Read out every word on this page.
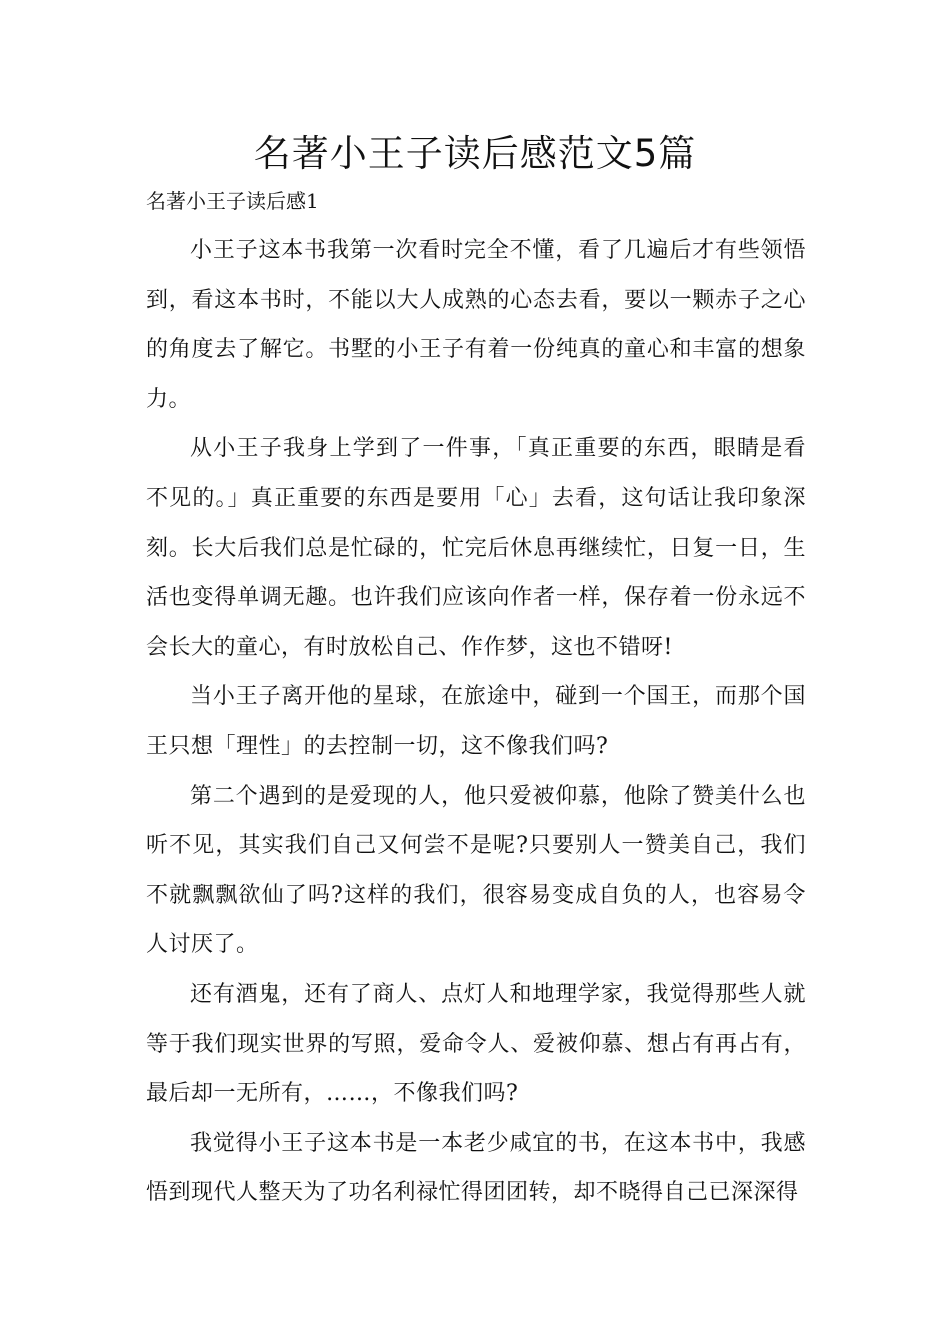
名著小王子读后感范文5篇

名著小王子读后感1

小王子这本书我第一次看时完全不懂，看了几遍后才有些领悟到，看这本书时，不能以大人成熟的心态去看，要以一颗赤子之心的角度去了解它。书墅的小王子有着一份纯真的童心和丰富的想象力。

从小王子我身上学到了一件事，「真正重要的东西，眼睛是看不见的。」真正重要的东西是要用「心」去看，这句话让我印象深刻。长大后我们总是忙碌的，忙完后休息再继续忙，日复一日，生活也变得单调无趣。也许我们应该向作者一样，保存着一份永远不会长大的童心，有时放松自己、作作梦，这也不错呀!

当小王子离开他的星球，在旅途中，碰到一个国王，而那个国王只想「理性」的去控制一切，这不像我们吗?

第二个遇到的是爱现的人，他只爱被仰慕，他除了赞美什么也听不见，其实我们自己又何尝不是呢?只要别人一赞美自己，我们不就飘飘欲仙了吗?这样的我们，很容易变成自负的人，也容易令人讨厌了。

还有酒鬼，还有了商人、点灯人和地理学家，我觉得那些人就等于我们现实世界的写照，爱命令人、爱被仰慕、想占有再占有，最后却一无所有，……，不像我们吗?

我觉得小王子这本书是一本老少咸宜的书，在这本书中，我感悟到现代人整天为了功名利禄忙得团团转，却不晓得自己已深深得
